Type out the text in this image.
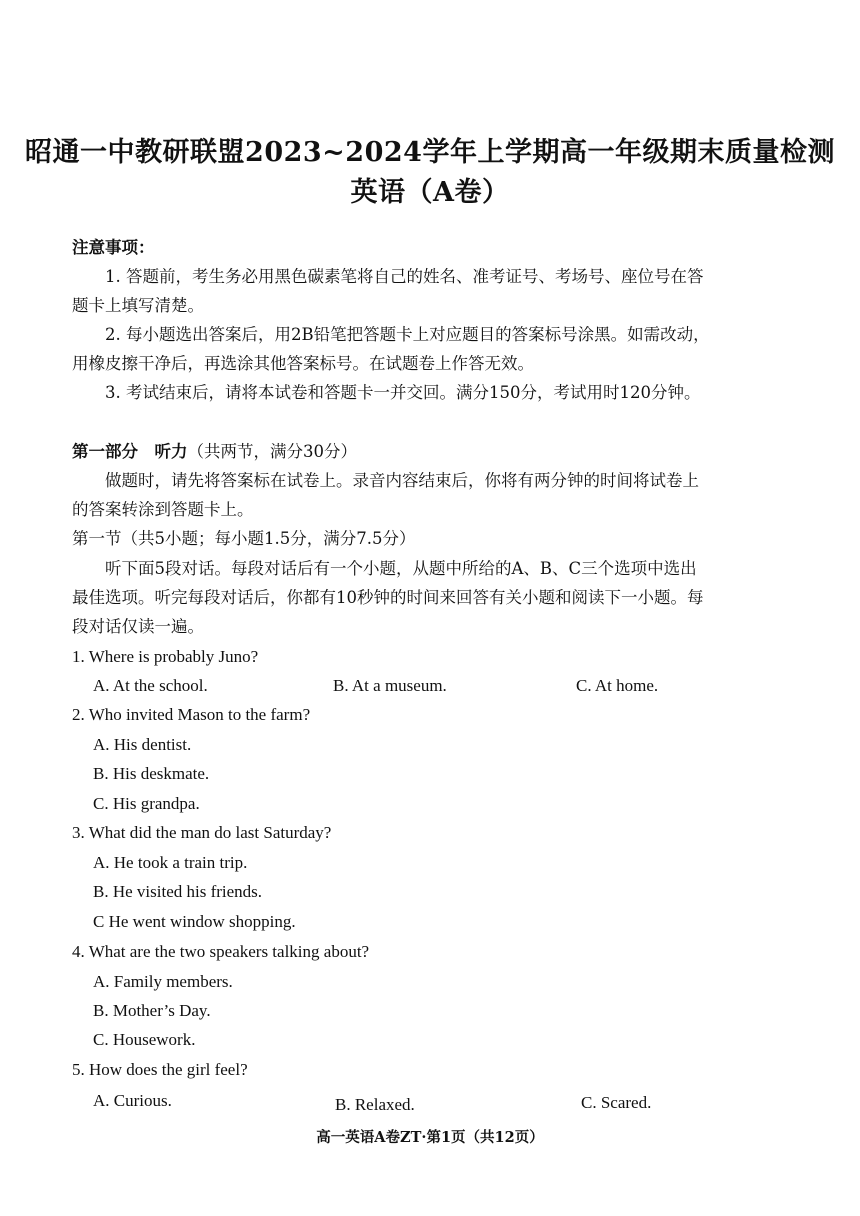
昭通一中教研联盟2023~2024学年上学期高一年级期末质量检测
英语（A卷）
注意事项：
1. 答题前，考生务必用黑色碳素笔将自己的姓名、准考证号、考场号、座位号在答
题卡上填写清楚。
2. 每小题选出答案后，用2B铅笔把答题卡上对应题目的答案标号涂黑。如需改动，
用橡皮擦干净后，再选涂其他答案标号。在试题卷上作答无效。
3. 考试结束后，请将本试卷和答题卡一并交回。满分150分，考试用时120分钟。
第一部分　听力（共两节，满分30分）
做题时，请先将答案标在试卷上。录音内容结束后，你将有两分钟的时间将试卷上
的答案转涂到答题卡上。
第一节（共5小题；每小题1.5分，满分7.5分）
听下面5段对话。每段对话后有一个小题，从题中所给的A、B、C三个选项中选出
最佳选项。听完每段对话后，你都有10秒钟的时间来回答有关小题和阅读下一小题。每
段对话仅读一遍。
1. Where is probably Juno?
A. At the school.	B. At a museum.	C. At home.
2. Who invited Mason to the farm?
A. His dentist.
B. His deskmate.
C. His grandpa.
3. What did the man do last Saturday?
A. He took a train trip.
B. He visited his friends.
C He went window shopping.
4. What are the two speakers talking about?
A. Family members.
B. Mother’s Day.
C. Housework.
5. How does the girl feel?
A. Curious.	B. Relaxed.	C. Scared.
高一英语A卷ZT·第1页（共12页）
